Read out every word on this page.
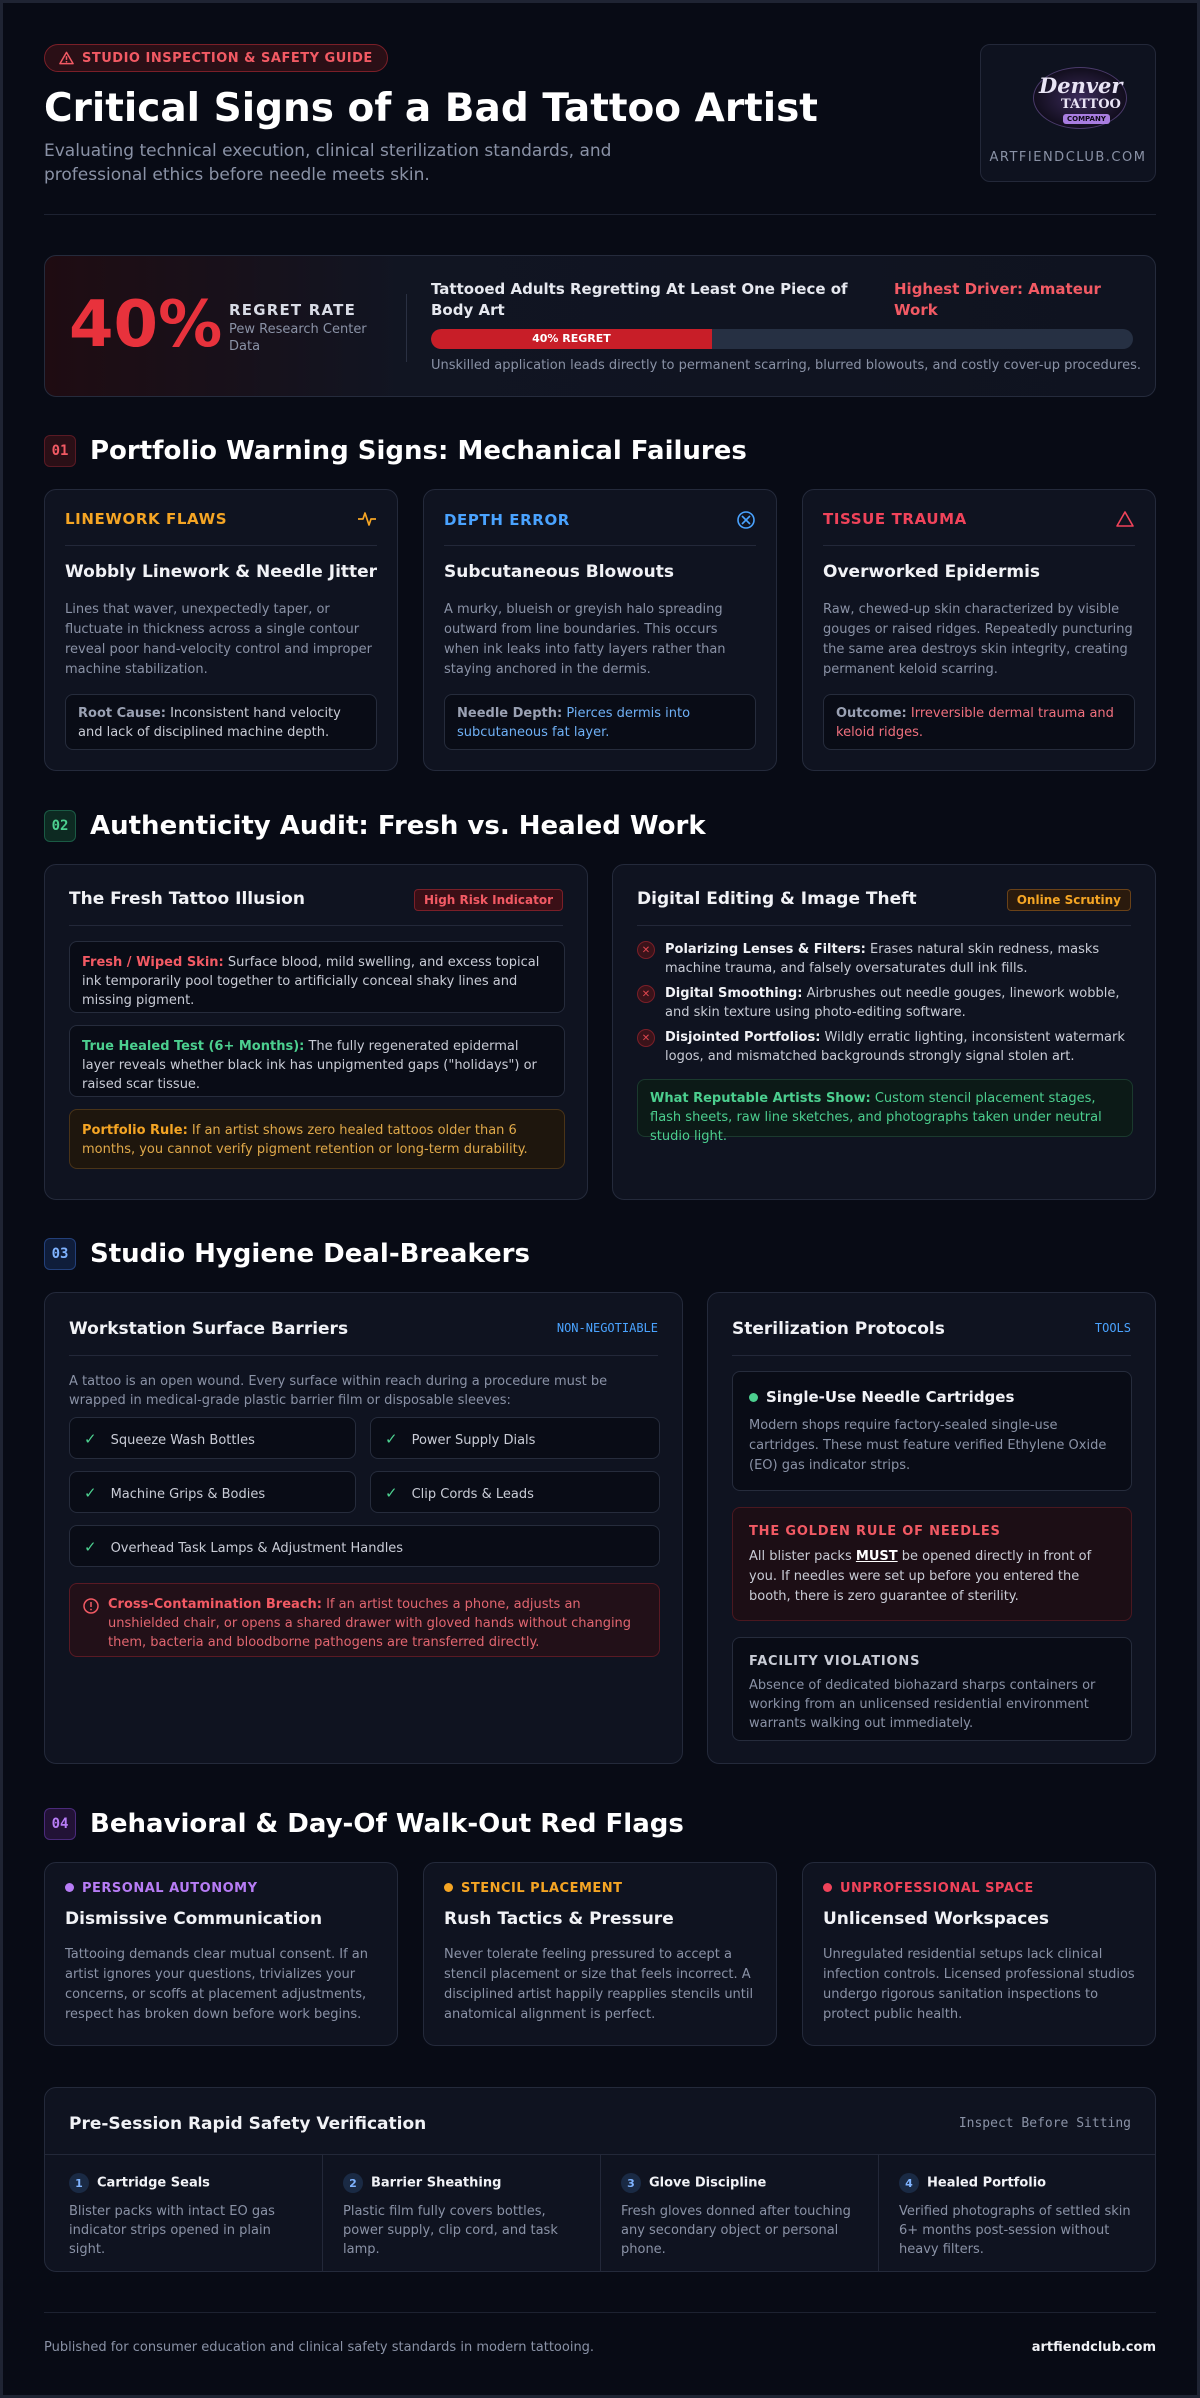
STUDIO INSPECTION & SAFETY GUIDE
Critical Signs of a Bad Tattoo Artist
Evaluating technical execution, clinical sterilization standards, and professional ethics before needle meets skin.
Denver
TATTOO
COMPANY
ARTFIENDCLUB.COM
40% REGRET RATE
Pew Research Center Data
Tattooed Adults Regretting At Least One Piece of Body Art
Highest Driver: Amateur Work
40% REGRET
Unskilled application leads directly to permanent scarring, blurred blowouts, and costly cover-up procedures.
01 Portfolio Warning Signs: Mechanical Failures
LINEWORK FLAWS
Wobbly Linework & Needle Jitter
Lines that waver, unexpectedly taper, or fluctuate in thickness across a single contour reveal poor hand-velocity control and improper machine stabilization.
Root Cause: Inconsistent hand velocity and lack of disciplined machine depth.
DEPTH ERROR
Subcutaneous Blowouts
A murky, blueish or greyish halo spreading outward from line boundaries. This occurs when ink leaks into fatty layers rather than staying anchored in the dermis.
Needle Depth: Pierces dermis into subcutaneous fat layer.
TISSUE TRAUMA
Overworked Epidermis
Raw, chewed-up skin characterized by visible gouges or raised ridges. Repeatedly puncturing the same area destroys skin integrity, creating permanent keloid scarring.
Outcome: Irreversible dermal trauma and keloid ridges.
02 Authenticity Audit: Fresh vs. Healed Work
The Fresh Tattoo Illusion	High Risk Indicator
Fresh / Wiped Skin: Surface blood, mild swelling, and excess topical ink temporarily pool together to artificially conceal shaky lines and missing pigment.
True Healed Test (6+ Months): The fully regenerated epidermal layer reveals whether black ink has unpigmented gaps ("holidays") or raised scar tissue.
Portfolio Rule: If an artist shows zero healed tattoos older than 6 months, you cannot verify pigment retention or long-term durability.
Digital Editing & Image Theft	Online Scrutiny
✕	Polarizing Lenses & Filters: Erases natural skin redness, masks machine trauma, and falsely oversaturates dull ink fills.
✕	Digital Smoothing: Airbrushes out needle gouges, linework wobble, and skin texture using photo-editing software.
✕	Disjointed Portfolios: Wildly erratic lighting, inconsistent watermark logos, and mismatched backgrounds strongly signal stolen art.
What Reputable Artists Show: Custom stencil placement stages, flash sheets, raw line sketches, and photographs taken under neutral studio light.
03 Studio Hygiene Deal-Breakers
Workstation Surface Barriers	NON-NEGOTIABLE
A tattoo is an open wound. Every surface within reach during a procedure must be wrapped in medical-grade plastic barrier film or disposable sleeves:
✓ Squeeze Wash Bottles	✓ Power Supply Dials
✓ Machine Grips & Bodies	✓ Clip Cords & Leads
✓ Overhead Task Lamps & Adjustment Handles
Cross-Contamination Breach: If an artist touches a phone, adjusts an unshielded chair, or opens a shared drawer with gloved hands without changing them, bacteria and bloodborne pathogens are transferred directly.
Sterilization Protocols	TOOLS
Single-Use Needle Cartridges
Modern shops require factory-sealed single-use cartridges. These must feature verified Ethylene Oxide (EO) gas indicator strips.
THE GOLDEN RULE OF NEEDLES
All blister packs MUST be opened directly in front of you. If needles were set up before you entered the booth, there is zero guarantee of sterility.
FACILITY VIOLATIONS
Absence of dedicated biohazard sharps containers or working from an unlicensed residential environment warrants walking out immediately.
04 Behavioral & Day-Of Walk-Out Red Flags
PERSONAL AUTONOMY
Dismissive Communication
Tattooing demands clear mutual consent. If an artist ignores your questions, trivializes your concerns, or scoffs at placement adjustments, respect has broken down before work begins.
STENCIL PLACEMENT
Rush Tactics & Pressure
Never tolerate feeling pressured to accept a stencil placement or size that feels incorrect. A disciplined artist happily reapplies stencils until anatomical alignment is perfect.
UNPROFESSIONAL SPACE
Unlicensed Workspaces
Unregulated residential setups lack clinical infection controls. Licensed professional studios undergo rigorous sanitation inspections to protect public health.
Pre-Session Rapid Safety Verification	Inspect Before Sitting
1 Cartridge Seals
Blister packs with intact EO gas indicator strips opened in plain sight.
2 Barrier Sheathing
Plastic film fully covers bottles, power supply, clip cord, and task lamp.
3 Glove Discipline
Fresh gloves donned after touching any secondary object or personal phone.
4 Healed Portfolio
Verified photographs of settled skin 6+ months post-session without heavy filters.
Published for consumer education and clinical safety standards in modern tattooing.	artfiendclub.com
